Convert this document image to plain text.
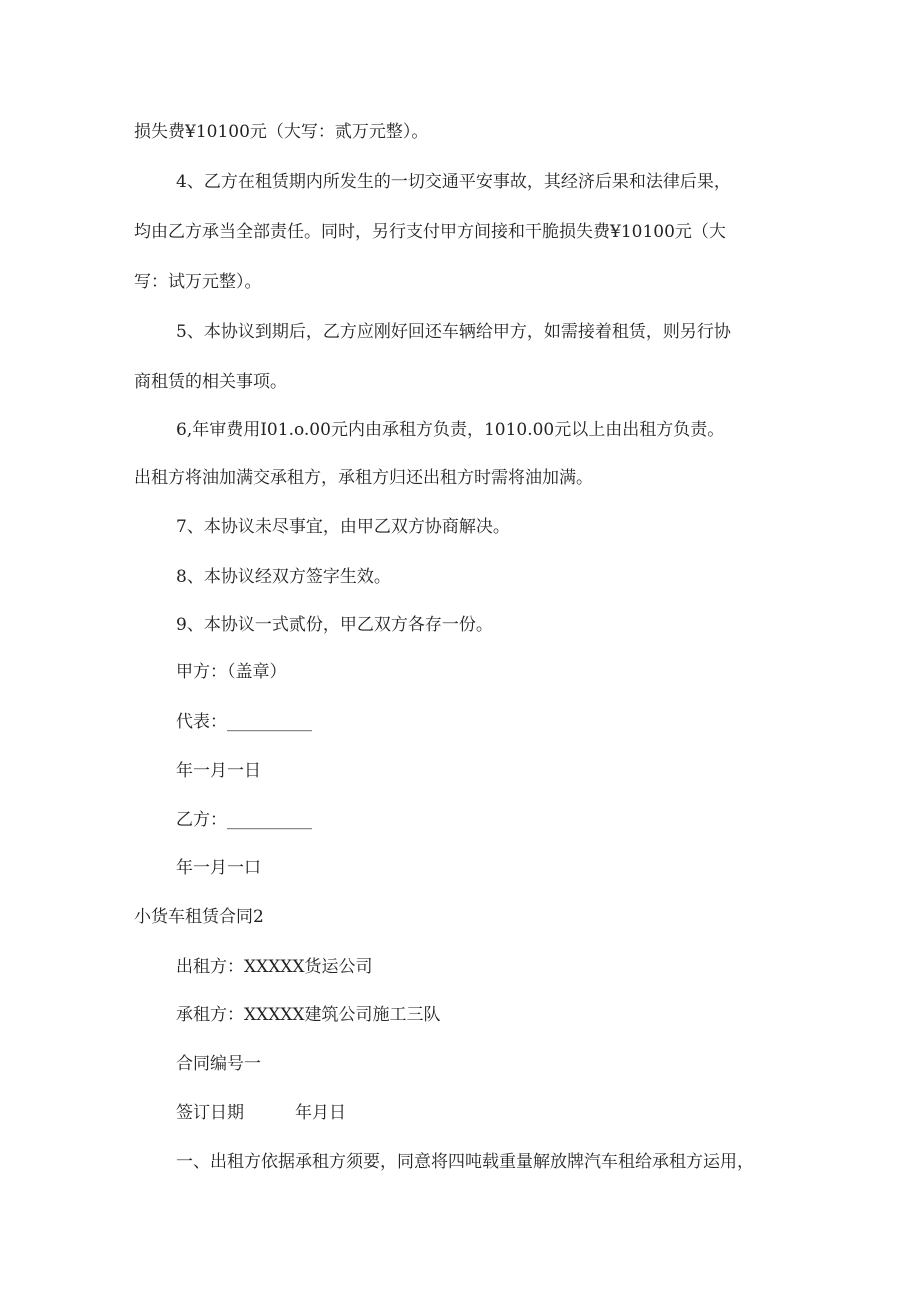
损失费¥10100元（大写：贰万元整）。

4、乙方在租赁期内所发生的一切交通平安事故，其经济后果和法律后果，

均由乙方承当全部责任。同时，另行支付甲方间接和干脆损失费¥10100元（大

写：试万元整）。

5、本协议到期后，乙方应刚好回还车辆给甲方，如需接着租赁，则另行协

商租赁的相关事项。

6,年审费用I01.o.00元内由承租方负责，1010.00元以上由出租方负责。

出租方将油加满交承租方，承租方归还出租方时需将油加满。

7、本协议未尽事宜，由甲乙双方协商解决。

8、本协议经双方签字生效。

9、本协议一式贰份，甲乙双方各存一份。

甲方：（盖章）

代表：__________

年一月一日

乙方：__________

年一月一口

小货车租赁合同2

出租方：XXXXX货运公司

承租方：XXXXX建筑公司施工三队

合同编号一

签订日期　　　年月日

一、出租方依据承租方须要，同意将四吨载重量解放牌汽车租给承租方运用，
